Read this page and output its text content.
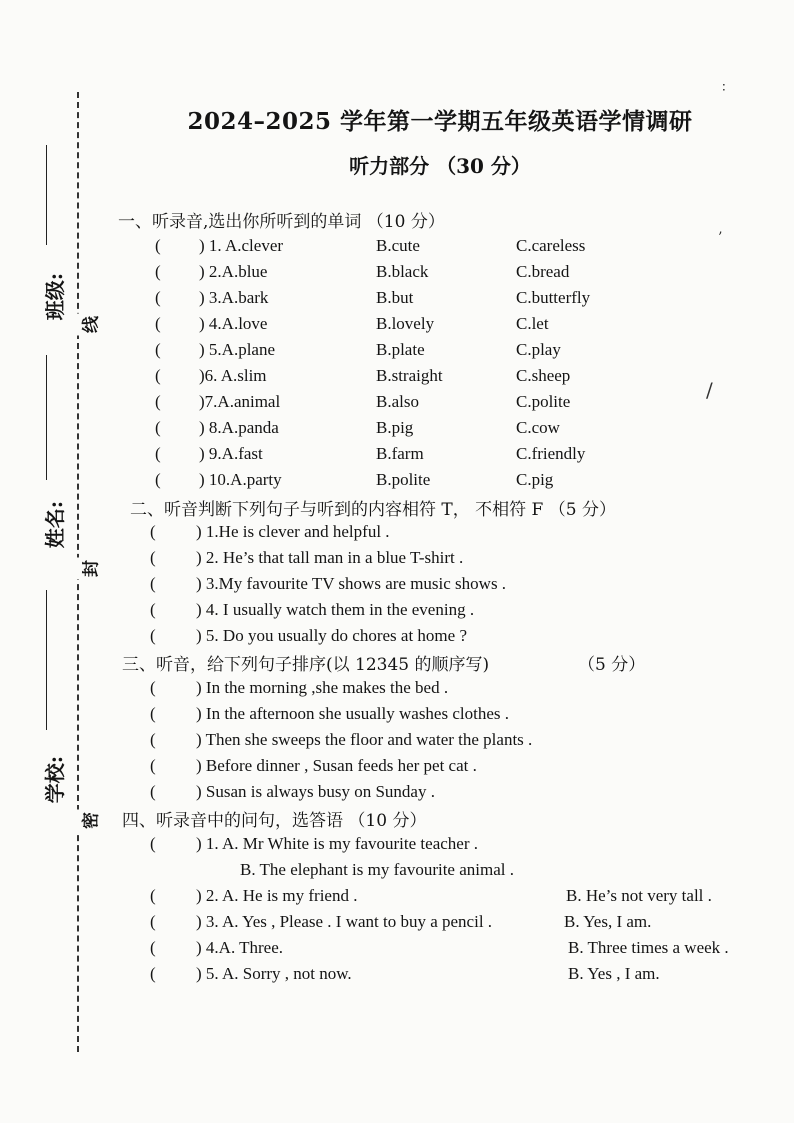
线
封
密
班级:
姓名:
学校:
2024–2025 学年第一学期五年级英语学情调研
听力部分 （30 分）
一、听录音,选出你所听到的单词 （10 分）
( ) 1. A.clever	B.cute	C.careless
( ) 2.A.blue	B.black	C.bread
( ) 3.A.bark	B.but	C.butterfly
( ) 4.A.love	B.lovely	C.let
( ) 5.A.plane	B.plate	C.play
( )6. A.slim	B.straight	C.sheep
( )7.A.animal	B.also	C.polite
( ) 8.A.panda	B.pig	C.cow
( ) 9.A.fast	B.farm	C.friendly
( ) 10.A.party	B.polite	C.pig
二、听音判断下列句子与听到的内容相符 T， 不相符 F （5 分）
( ) 1.He is clever and helpful .
( ) 2. He’s that tall man in a blue T-shirt .
( ) 3.My favourite TV shows are music shows .
( ) 4. I usually watch them in the evening .
( ) 5. Do you usually do chores at home ?
三、听音，给下列句子排序(以 12345 的顺序写)	（5 分）
( ) In the morning ,she makes the bed .
( ) In the afternoon she usually washes clothes .
( ) Then she sweeps the floor and water the plants .
( ) Before dinner , Susan feeds her pet cat .
( ) Susan is always busy on Sunday .
四、听录音中的问句，选答语 （10 分）
( ) 1. A. Mr White is my favourite teacher .
B. The elephant is my favourite animal .
( ) 2. A. He is my friend .	B. He’s not very tall .
( ) 3. A. Yes , Please . I want to buy a pencil .	B. Yes, I am.
( ) 4.A. Three.	B. Three times a week .
( ) 5. A. Sorry , not now.	B. Yes , I am.
∶
’
/
